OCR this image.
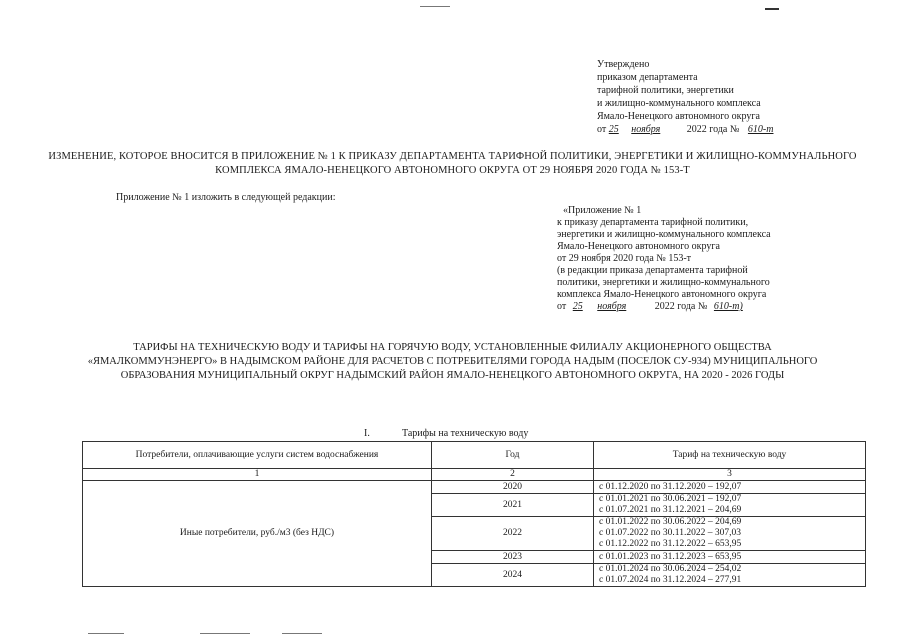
Утверждено
приказом департамента
тарифной политики, энергетики
и жилищно-коммунального комплекса
Ямало-Ненецкого автономного округа
от 25 ноября	2022 года № 610-т
ИЗМЕНЕНИЕ, КОТОРОЕ ВНОСИТСЯ В ПРИЛОЖЕНИЕ № 1 К ПРИКАЗУ ДЕПАРТАМЕНТА ТАРИФНОЙ ПОЛИТИКИ, ЭНЕРГЕТИКИ И ЖИЛИЩНО-КОММУНАЛЬНОГО КОМПЛЕКСА ЯМАЛО-НЕНЕЦКОГО АВТОНОМНОГО ОКРУГА ОТ 29 НОЯБРЯ 2020 ГОДА № 153-Т
Приложение № 1 изложить в следующей редакции:
«Приложение № 1
к приказу департамента тарифной политики,
энергетики и жилищно-коммунального комплекса
Ямало-Ненецкого автономного округа
от 29 ноября 2020 года № 153-т
(в редакции приказа департамента тарифной
политики, энергетики и жилищно-коммунального
комплекса Ямало-Ненецкого автономного округа
от 25 ноября	2022 года № 610-т)
ТАРИФЫ НА ТЕХНИЧЕСКУЮ ВОДУ И ТАРИФЫ НА ГОРЯЧУЮ ВОДУ, УСТАНОВЛЕННЫЕ ФИЛИАЛУ АКЦИОНЕРНОГО ОБЩЕСТВА «ЯМАЛКОММУНЭНЕРГО» В НАДЫМСКОМ РАЙОНЕ ДЛЯ РАСЧЕТОВ С ПОТРЕБИТЕЛЯМИ ГОРОДА НАДЫМ (ПОСЕЛОК СУ-934) МУНИЦИПАЛЬНОГО ОБРАЗОВАНИЯ МУНИЦИПАЛЬНЫЙ ОКРУГ НАДЫМСКИЙ РАЙОН ЯМАЛО-НЕНЕЦКОГО АВТОНОМНОГО ОКРУГА, НА 2020 - 2026 ГОДЫ
I.	Тарифы на техническую воду
Потребители, оплачивающие услуги систем водоснабжения	Год	Тариф на техническую воду
1	2	3
Иные потребители, руб./м3 (без НДС)	2020	с 01.12.2020 по 31.12.2020 – 192,07

	2021	с 01.01.2021 по 30.06.2021 – 192,07
с 01.07.2021 по 31.12.2021 – 204,69

	2022	с 01.01.2022 по 30.06.2022 – 204,69
с 01.07.2022 по 30.11.2022 – 307,03
с 01.12.2022 по 31.12.2022 – 653,95

	2023	с 01.01.2023 по 31.12.2023 – 653,95

	2024	с 01.01.2024 по 30.06.2024 – 254,02
с 01.07.2024 по 31.12.2024 – 277,91
